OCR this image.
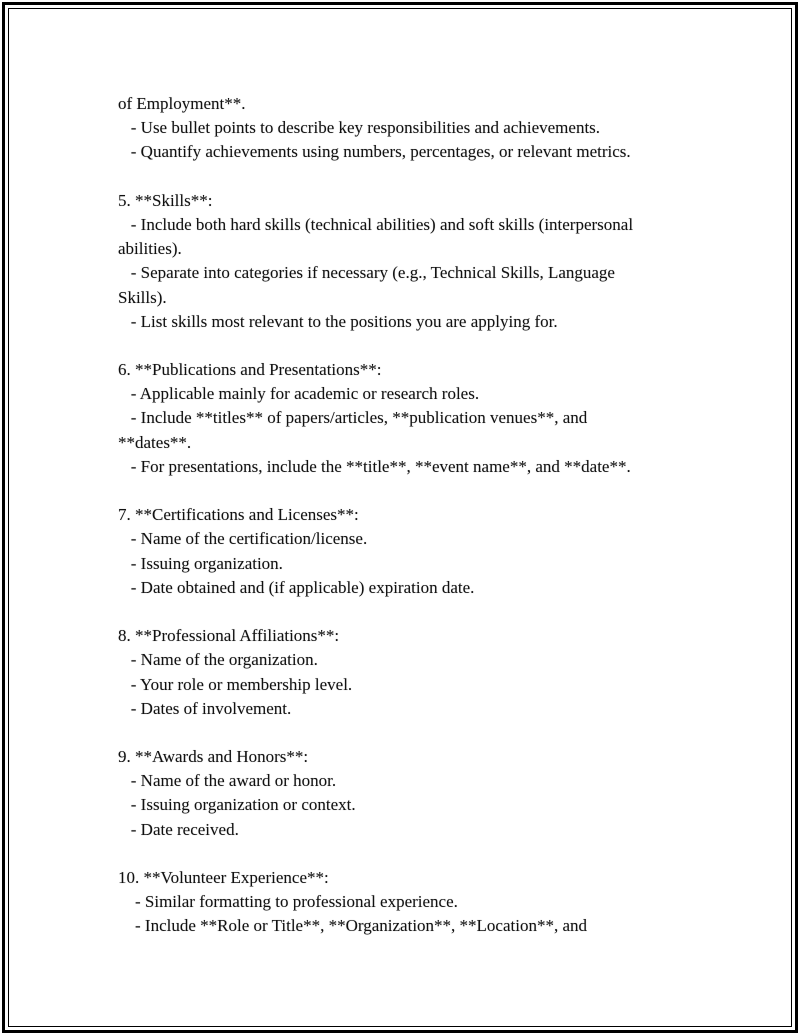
of Employment**.
- Use bullet points to describe key responsibilities and achievements.
- Quantify achievements using numbers, percentages, or relevant metrics.
5. **Skills**:
- Include both hard skills (technical abilities) and soft skills (interpersonal
abilities).
- Separate into categories if necessary (e.g., Technical Skills, Language
Skills).
- List skills most relevant to the positions you are applying for.
6. **Publications and Presentations**:
- Applicable mainly for academic or research roles.
- Include **titles** of papers/articles, **publication venues**, and
**dates**.
- For presentations, include the **title**, **event name**, and **date**.
7. **Certifications and Licenses**:
- Name of the certification/license.
- Issuing organization.
- Date obtained and (if applicable) expiration date.
8. **Professional Affiliations**:
- Name of the organization.
- Your role or membership level.
- Dates of involvement.
9. **Awards and Honors**:
- Name of the award or honor.
- Issuing organization or context.
- Date received.
10. **Volunteer Experience**:
- Similar formatting to professional experience.
- Include **Role or Title**, **Organization**, **Location**, and
